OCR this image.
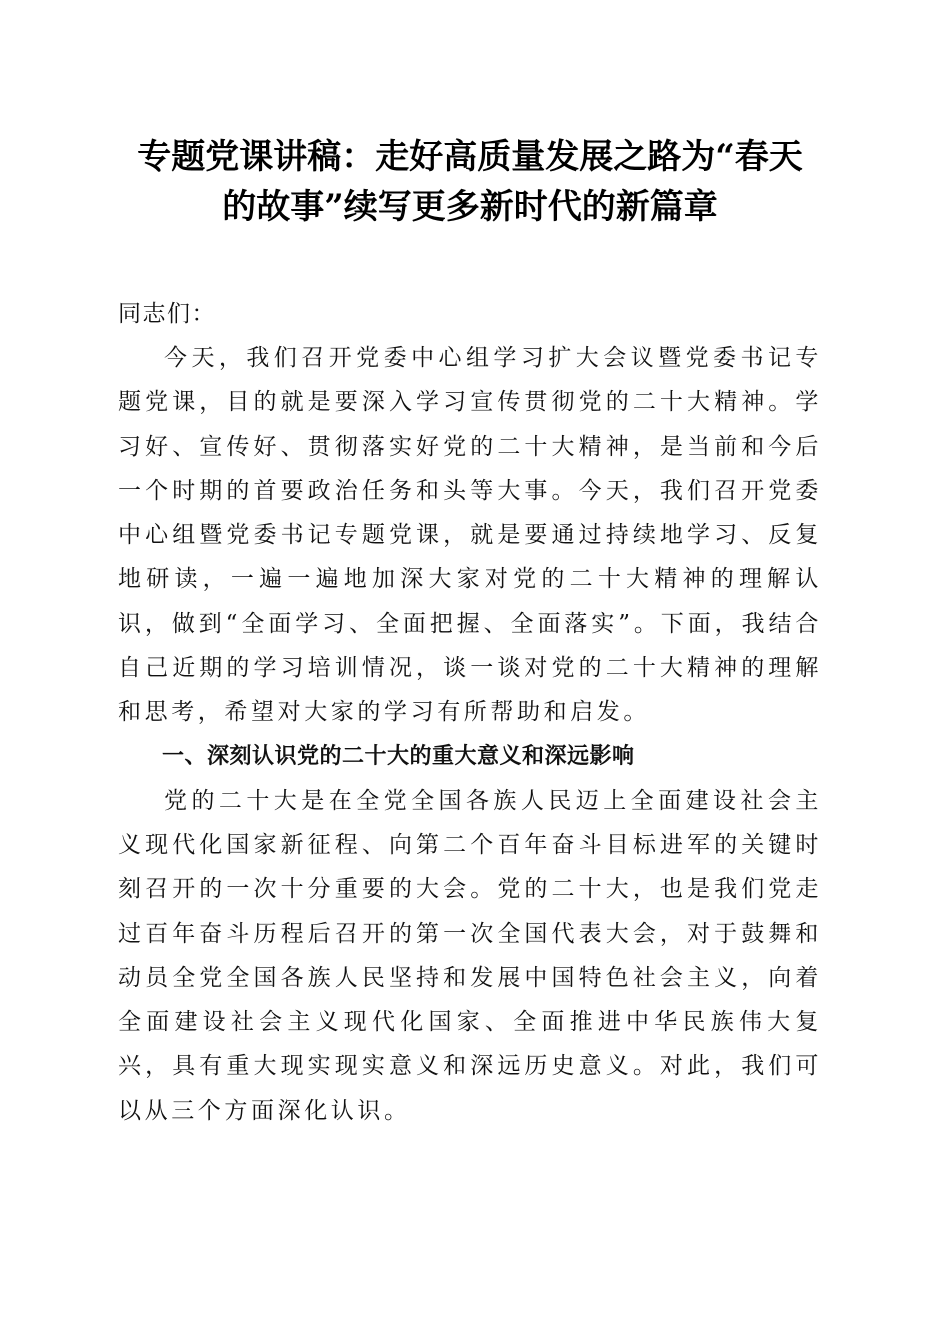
专题党课讲稿：走好高质量发展之路为“春天
的故事”续写更多新时代的新篇章

同志们：

今天，我们召开党委中心组学习扩大会议暨党委书记专题党课，目的就是要深入学习宣传贯彻党的二十大精神。学习好、宣传好、贯彻落实好党的二十大精神，是当前和今后一个时期的首要政治任务和头等大事。今天，我们召开党委中心组暨党委书记专题党课，就是要通过持续地学习、反复地研读，一遍一遍地加深大家对党的二十大精神的理解认识，做到“全面学习、全面把握、全面落实”。下面，我结合自己近期的学习培训情况，谈一谈对党的二十大精神的理解和思考，希望对大家的学习有所帮助和启发。

一、深刻认识党的二十大的重大意义和深远影响

党的二十大是在全党全国各族人民迈上全面建设社会主义现代化国家新征程、向第二个百年奋斗目标进军的关键时刻召开的一次十分重要的大会。党的二十大，也是我们党走过百年奋斗历程后召开的第一次全国代表大会，对于鼓舞和动员全党全国各族人民坚持和发展中国特色社会主义，向着全面建设社会主义现代化国家、全面推进中华民族伟大复兴，具有重大现实现实意义和深远历史意义。对此，我们可以从三个方面深化认识。
